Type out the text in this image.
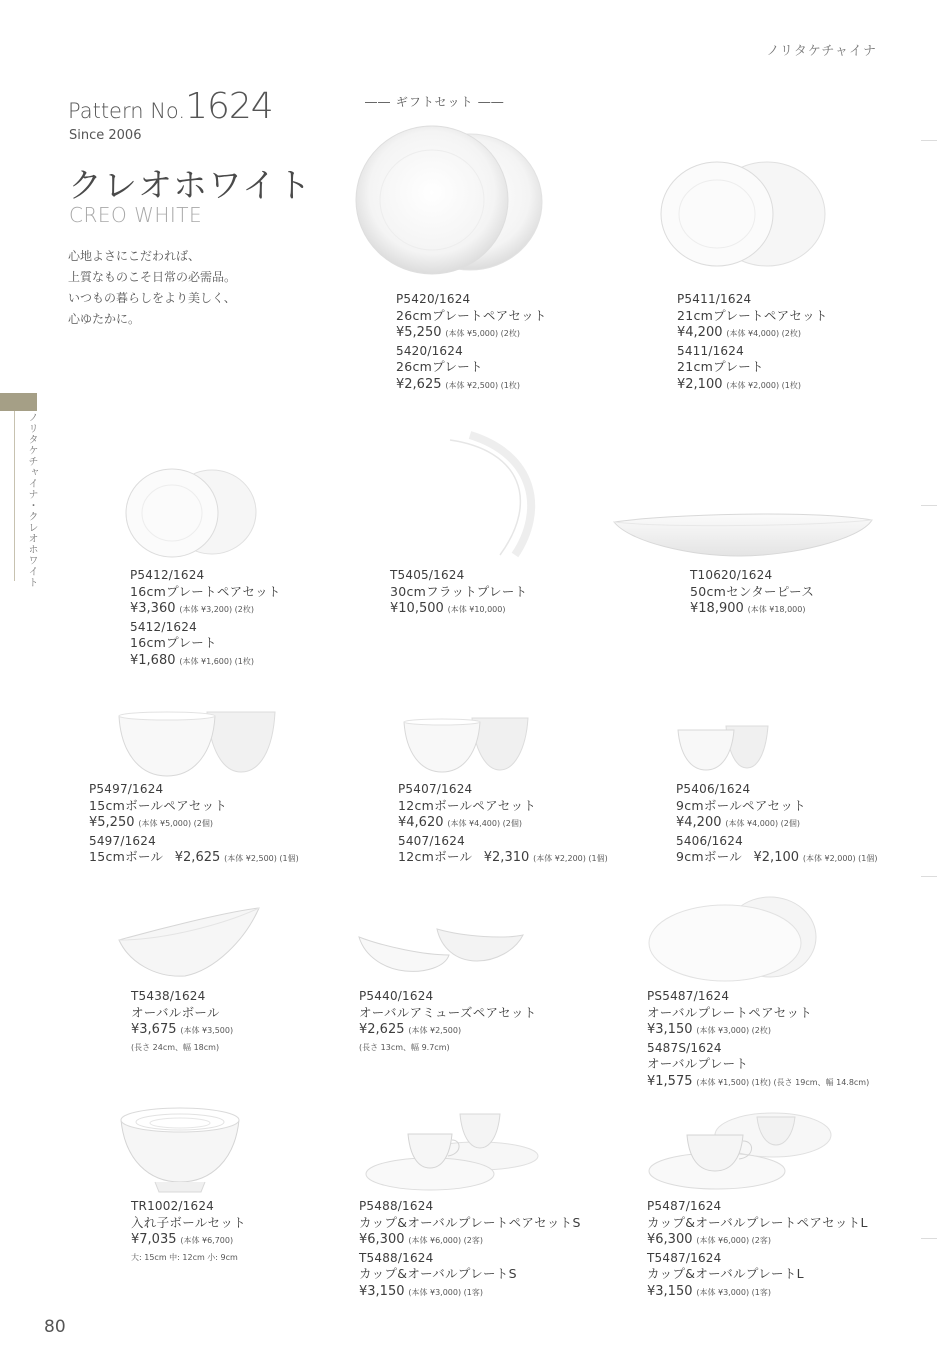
ノリタケチャイナ
Pattern No.1624
Since 2006
クレオホワイト
CREO WHITE
心地よさにこだわれば、
上質なものこそ日常の必需品。
いつもの暮らしをより美しく、
心ゆたかに。
ノリタケチャイナ・クレオホワイト
―― ギフトセット ――
P5420/1624
26cmプレートペアセット
¥5,250 (本体 ¥5,000) (2枚)
5420/1624
26cmプレート
¥2,625 (本体 ¥2,500) (1枚)
P5411/1624
21cmプレートペアセット
¥4,200 (本体 ¥4,000) (2枚)
5411/1624
21cmプレート
¥2,100 (本体 ¥2,000) (1枚)
P5412/1624
16cmプレートペアセット
¥3,360 (本体 ¥3,200) (2枚)
5412/1624
16cmプレート
¥1,680 (本体 ¥1,600) (1枚)
T5405/1624
30cmフラットプレート
¥10,500 (本体 ¥10,000)
T10620/1624
50cmセンターピース
¥18,900 (本体 ¥18,000)
P5497/1624
15cmボールペアセット
¥5,250 (本体 ¥5,000) (2個)
5497/1624
15cmボール ¥2,625 (本体 ¥2,500) (1個)
P5407/1624
12cmボールペアセット
¥4,620 (本体 ¥4,400) (2個)
5407/1624
12cmボール ¥2,310 (本体 ¥2,200) (1個)
P5406/1624
9cmボールペアセット
¥4,200 (本体 ¥4,000) (2個)
5406/1624
9cmボール ¥2,100 (本体 ¥2,000) (1個)
T5438/1624
オーバルボール
¥3,675 (本体 ¥3,500)
(長さ 24cm、幅 18cm)
P5440/1624
オーバルアミューズペアセット
¥2,625 (本体 ¥2,500)
(長さ 13cm、幅 9.7cm)
PS5487/1624
オーバルプレートペアセット
¥3,150 (本体 ¥3,000) (2枚)
5487S/1624
オーバルプレート
¥1,575 (本体 ¥1,500) (1枚) (長さ 19cm、幅 14.8cm)
TR1002/1624
入れ子ボールセット
¥7,035 (本体 ¥6,700)
大: 15cm 中: 12cm 小: 9cm
P5488/1624
カップ&オーバルプレートペアセットS
¥6,300 (本体 ¥6,000) (2客)
T5488/1624
カップ&オーバルプレートS
¥3,150 (本体 ¥3,000) (1客)
P5487/1624
カップ&オーバルプレートペアセットL
¥6,300 (本体 ¥6,000) (2客)
T5487/1624
カップ&オーバルプレートL
¥3,150 (本体 ¥3,000) (1客)
80
